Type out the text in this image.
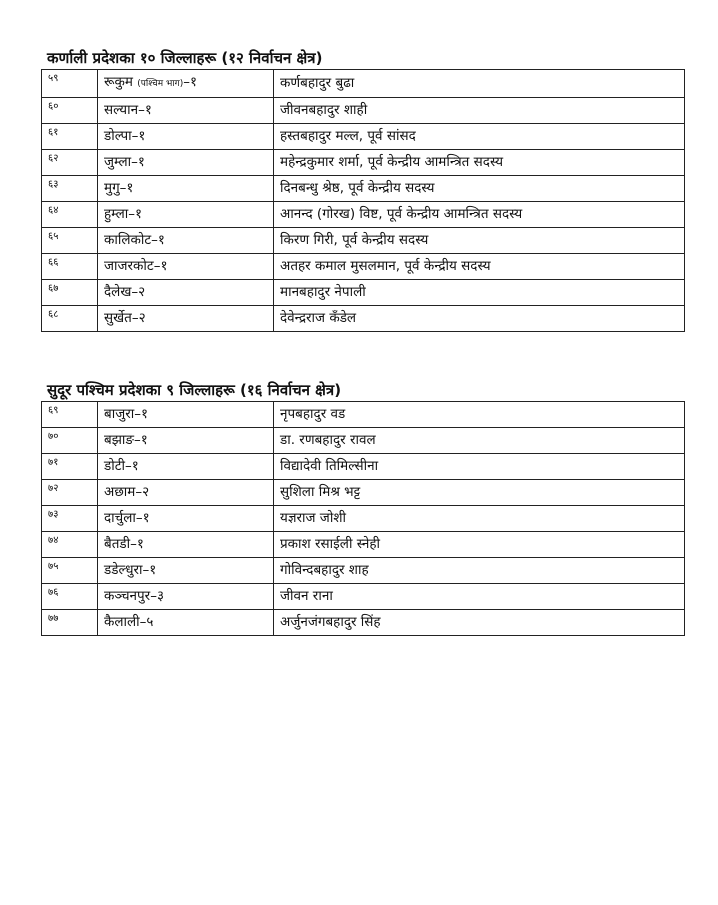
कर्णाली प्रदेशका १० जिल्लाहरू (१२ निर्वाचन क्षेत्र)
५९	रूकुम (पश्चिम भाग)–१	कर्णबहादुर बुढा
६०	सल्यान–१	जीवनबहादुर शाही
६१	डोल्पा–१	हस्तबहादुर मल्ल, पूर्व सांसद
६२	जुम्ला–१	महेन्द्रकुमार शर्मा, पूर्व केन्द्रीय आमन्त्रित सदस्य
६३	मुगु–१	दिनबन्धु श्रेष्ठ, पूर्व केन्द्रीय सदस्य
६४	हुम्ला–१	आनन्द (गोरख) विष्ट, पूर्व केन्द्रीय आमन्त्रित सदस्य
६५	कालिकोट–१	किरण गिरी, पूर्व केन्द्रीय सदस्य
६६	जाजरकोट–१	अतहर कमाल मुसलमान, पूर्व केन्द्रीय सदस्य
६७	दैलेख–२	मानबहादुर नेपाली
६८	सुर्खेत–२	देवेन्द्रराज कँडेल
सुदूर पश्चिम प्रदेशका ९ जिल्लाहरू (१६ निर्वाचन क्षेत्र)
६९	बाजुरा–१	नृपबहादुर वड
७०	बझाङ–१	डा. रणबहादुर रावल
७१	डोटी–१	विद्यादेवी तिमिल्सीना
७२	अछाम–२	सुशिला मिश्र भट्ट
७३	दार्चुला–१	यज्ञराज जोशी
७४	बैतडी–१	प्रकाश रसाईली स्नेही
७५	डडेल्धुरा–१	गोविन्दबहादुर शाह
७६	कञ्चनपुर–३	जीवन राना
७७	कैलाली–५	अर्जुनजंगबहादुर सिंह
